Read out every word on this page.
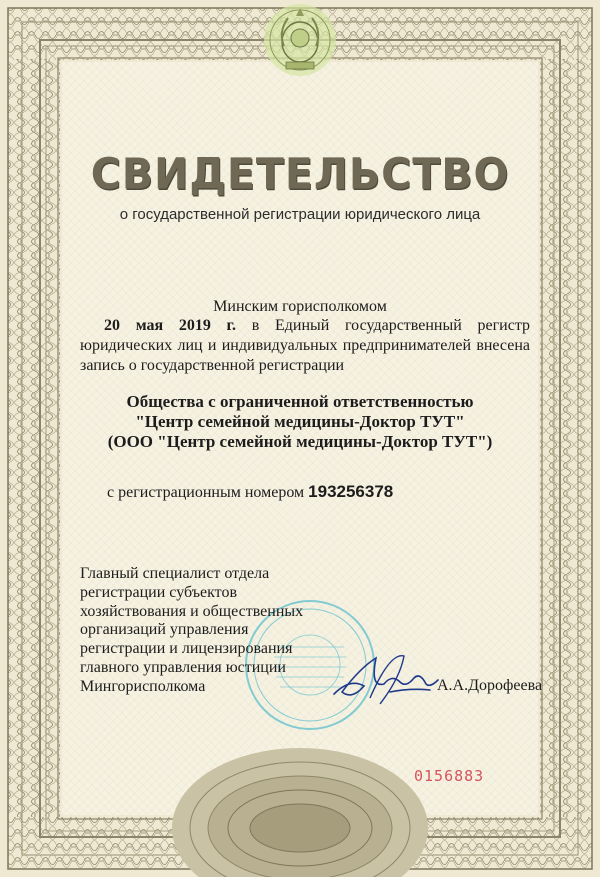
СВИДЕТЕЛЬСТВО
о государственной регистрации юридического лица
Минским горисполкомом
20 мая 2019 г. в Единый государственный регистр
юридических лиц и индивидуальных предпринимателей внесена
запись о государственной регистрации
Общества с ограниченной ответственностью
"Центр семейной медицины-Доктор ТУТ"
(ООО "Центр семейной медицины-Доктор ТУТ")
с регистрационным номером 193256378
Главный специалист отдела
регистрации субъектов
хозяйствования и общественных
организаций управления
регистрации и лицензирования
главного управления юстиции
Мингорисполкома	А.А.Дорофеева
0156883
